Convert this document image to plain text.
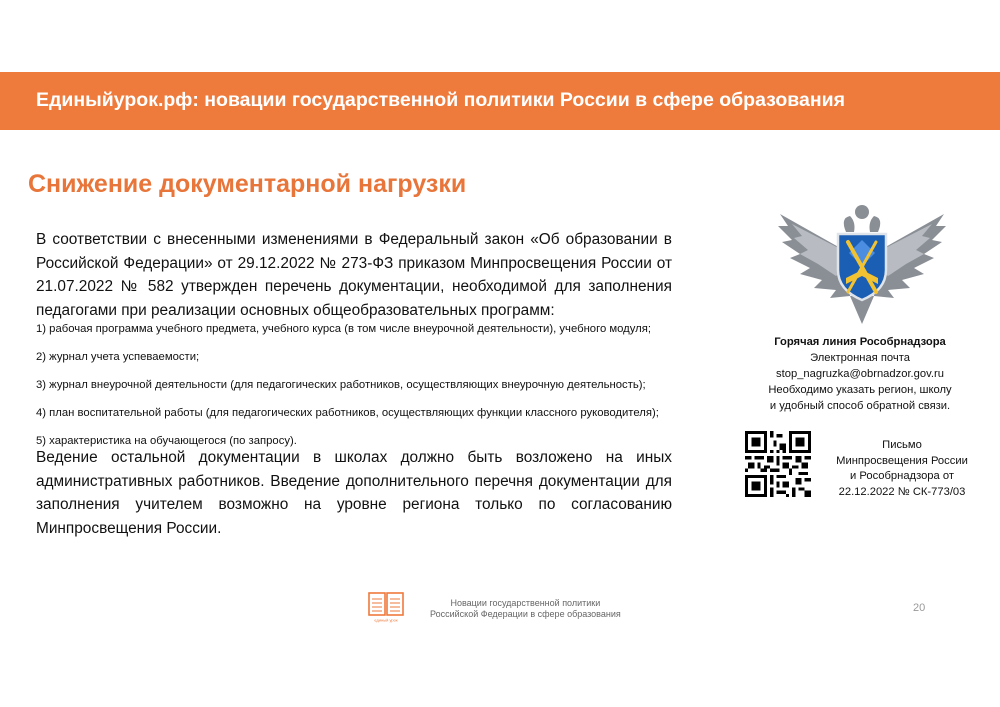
Единыйурок.рф: новации государственной политики России в сфере образования
Снижение документарной нагрузки
В соответствии с внесенными изменениями в Федеральный закон «Об образовании в Российской Федерации» от 29.12.2022 № 273-ФЗ приказом Минпросвещения России от 21.07.2022 № 582 утвержден перечень документации, необходимой для заполнения педагогами при реализации основных общеобразовательных программ:
1) рабочая программа учебного предмета, учебного курса (в том числе внеурочной деятельности), учебного модуля;
2) журнал учета успеваемости;
3) журнал внеурочной деятельности (для педагогических работников, осуществляющих внеурочную деятельность);
4) план воспитательной работы (для педагогических работников, осуществляющих функции классного руководителя);
5) характеристика на обучающегося (по запросу).
Ведение остальной документации в школах должно быть возложено на иных административных работников. Введение дополнительного перечня документации для заполнения учителем возможно на уровне региона только по согласованию Минпросвещения России.
Горячая линия Рособрнадзора
Электронная почта
stop_nagruzka@obrnadzor.gov.ru
Необходимо указать регион, школу
и удобный способ обратной связи.
Письмо
Минпросвещения России
и Рособрнадзора от
22.12.2022 № СК-773/03
единый урок
Новации государственной политики
Российской Федерации в сфере образования	20
